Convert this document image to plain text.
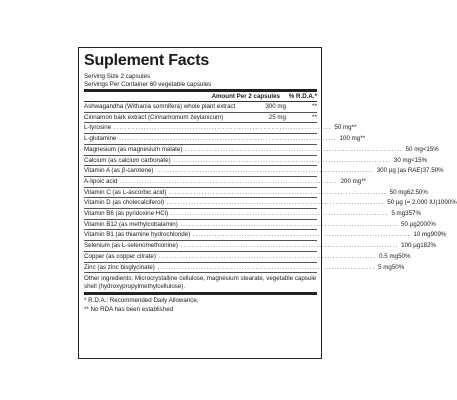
Suplement Facts
Serving Size 2 capsules
Servings Per Container 60 vegetable capsules
Amount Per 2 capsules	% R.D.A.*
Ashwagandha (Withania somnifera) whole plant extract	300 mg	**
Cinnamon bark extract (Cinnamomum zeylanicum)	25 mg	**
L-tyrosine ................................................................................ 50 mg **
L-glutamine ................................................................................ 100 mg **
Magnesium (as magnesium malate) ................................................................................ 50 mg <15%
Calcium (as calcium carbonate) ................................................................................ 30 mg <15%
Vitamin A (as β-carotene) ................................................................................ 300 µg (as RAE) 37.50%
A-lipoic acid ................................................................................ 200 mg **
Vitamin C (as L-ascorbic acid) ................................................................................ 50 mg 62.50%
Vitamin D (as cholecalciferol) ................................................................................ 50 µg (= 2.000 IU) 1000%
Vitamin B6 (as pyridoxine HCl) ................................................................................ 5 mg 357%
Vitamin B12 (as methylcobalamin) ................................................................................ 50 µg 2000%
Vitamin B1 (as thiamine hydrochloride) ................................................................................ 10 mg 909%
Selenium (as L-selenomethionine) ................................................................................ 100 µg 182%
Copper (as copper citrate) ................................................................................ 0.5 mg 50%
Zinc (as zinc bisglycinate) ................................................................................ 5 mg 50%
Other ingredients: Microcrystalline cellulose, magnesium stearate, vegetable capsule shell (hydroxypropylmethylcellulose).
* R.D.A.: Recommended Daily Allowance,
** No RDA has been established
